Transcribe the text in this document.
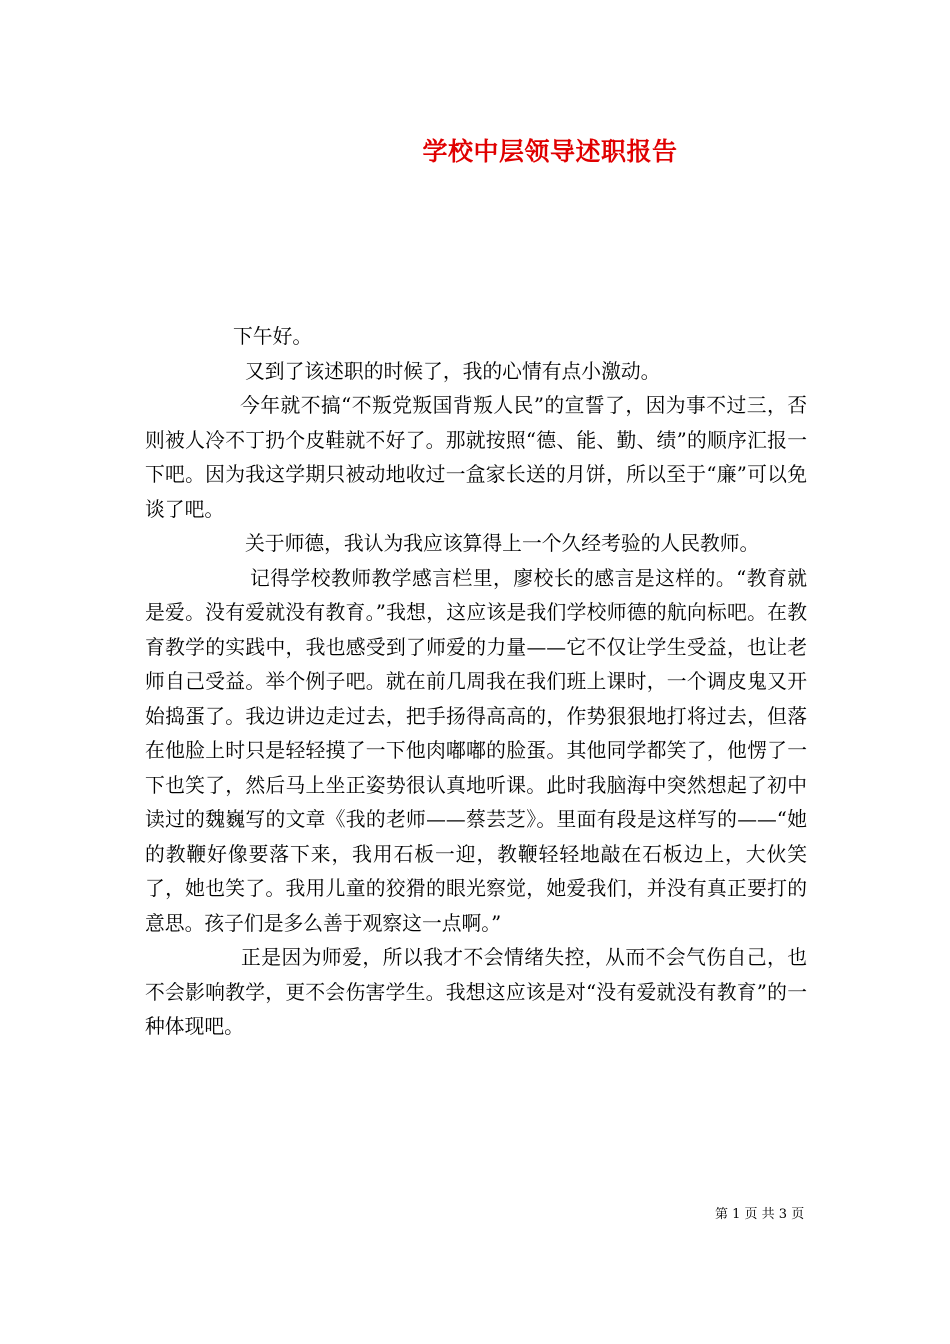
学校中层领导述职报告

下午好。

又到了该述职的时候了，我的心情有点小激动。

今年就不搞“不叛党叛国背叛人民”的宣誓了，因为事不过三，否则被人冷不丁扔个皮鞋就不好了。那就按照“德、能、勤、绩”的顺序汇报一下吧。因为我这学期只被动地收过一盒家长送的月饼，所以至于“廉”可以免谈了吧。

关于师德，我认为我应该算得上一个久经考验的人民教师。

记得学校教师教学感言栏里，廖校长的感言是这样的。“教育就是爱。没有爱就没有教育。”我想，这应该是我们学校师德的航向标吧。在教育教学的实践中，我也感受到了师爱的力量——它不仅让学生受益，也让老师自己受益。举个例子吧。就在前几周我在我们班上课时，一个调皮鬼又开始捣蛋了。我边讲边走过去，把手扬得高高的，作势狠狠地打将过去，但落在他脸上时只是轻轻摸了一下他肉嘟嘟的脸蛋。其他同学都笑了，他愣了一下也笑了，然后马上坐正姿势很认真地听课。此时我脑海中突然想起了初中读过的魏巍写的文章《我的老师——蔡芸芝》。里面有段是这样写的——“她的教鞭好像要落下来，我用石板一迎，教鞭轻轻地敲在石板边上，大伙笑了，她也笑了。我用儿童的狡猾的眼光察觉，她爱我们，并没有真正要打的意思。孩子们是多么善于观察这一点啊。”

正是因为师爱，所以我才不会情绪失控，从而不会气伤自己，也不会影响教学，更不会伤害学生。我想这应该是对“没有爱就没有教育”的一种体现吧。

第 1 页 共 3 页
